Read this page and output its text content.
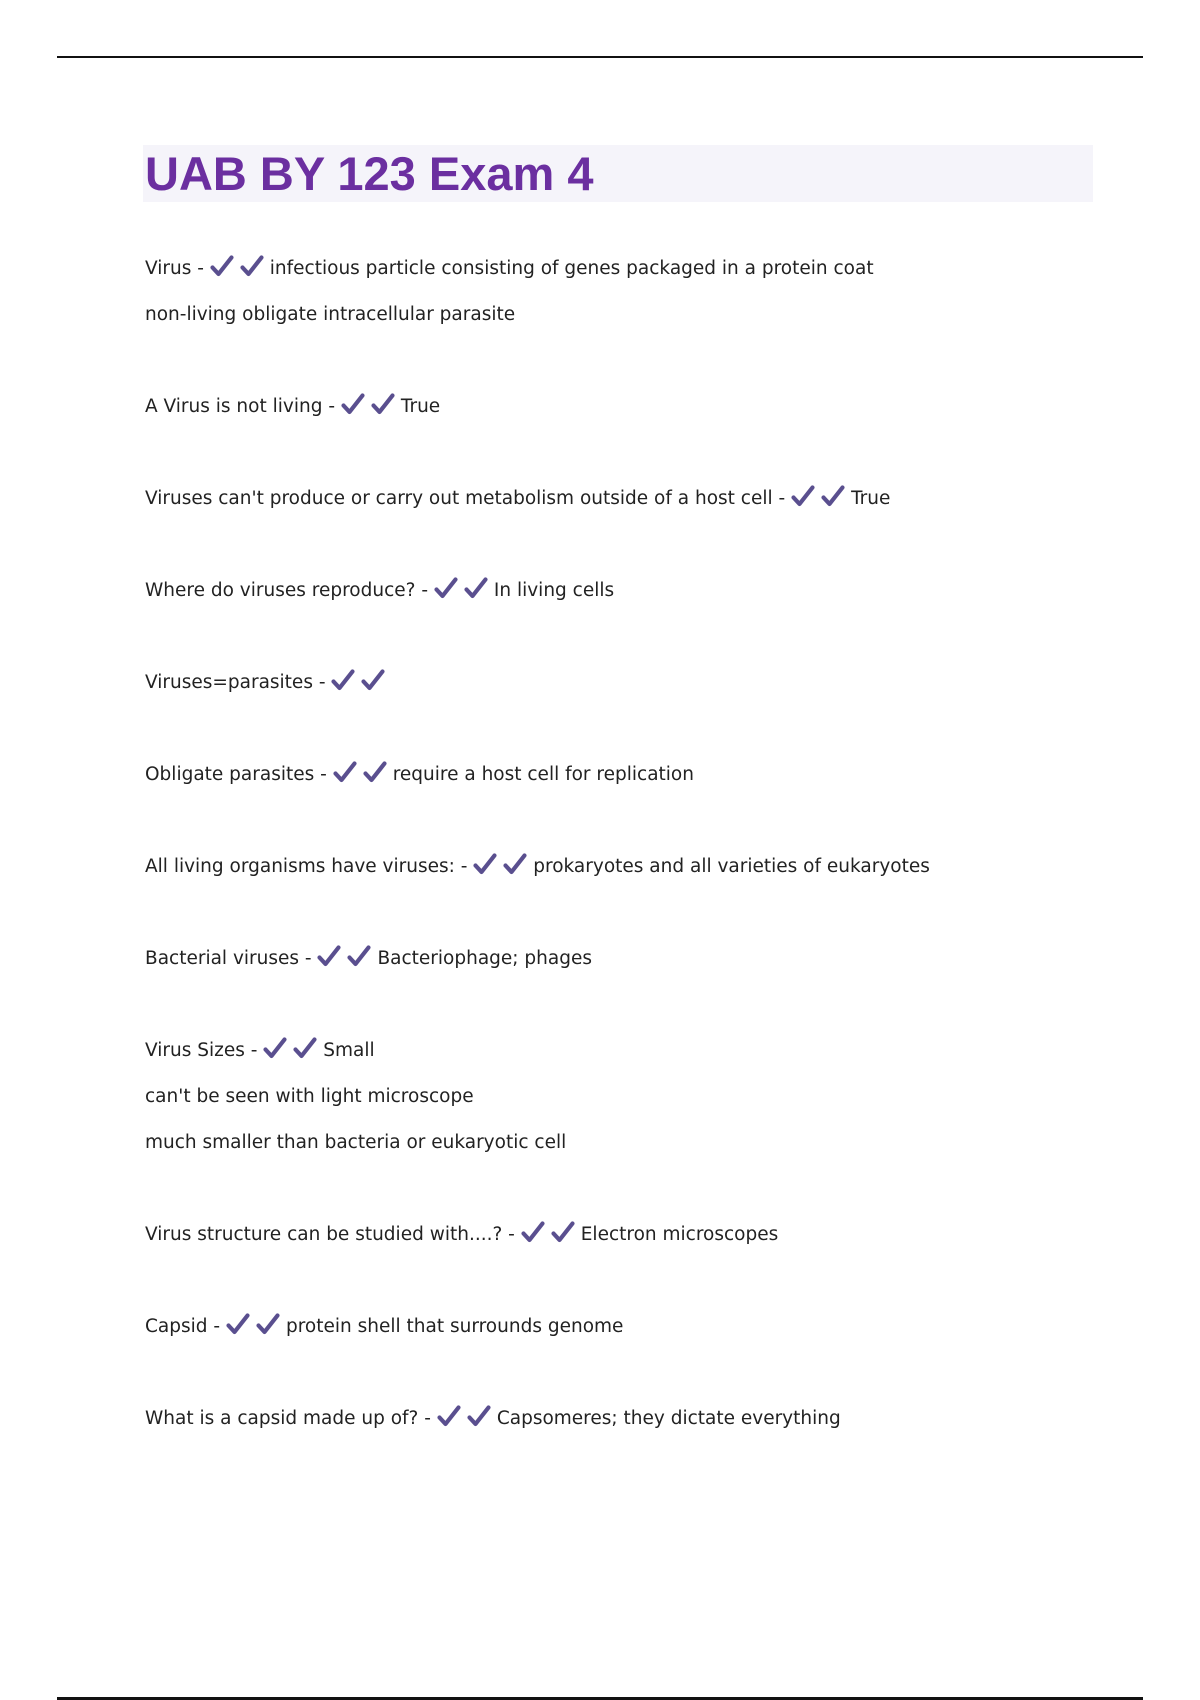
UAB BY 123 Exam 4
Virus -	infectious particle consisting of genes packaged in a protein coat
non-living obligate intracellular parasite
A Virus is not living -	True
Viruses can't produce or carry out metabolism outside of a host cell -	True
Where do viruses reproduce? -	In living cells
Viruses=parasites -
Obligate parasites -	require a host cell for replication
All living organisms have viruses: -	prokaryotes and all varieties of eukaryotes
Bacterial viruses -	Bacteriophage; phages
Virus Sizes -	Small
can't be seen with light microscope
much smaller than bacteria or eukaryotic cell
Virus structure can be studied with....? -	Electron microscopes
Capsid -	protein shell that surrounds genome
What is a capsid made up of? -	Capsomeres; they dictate everything
